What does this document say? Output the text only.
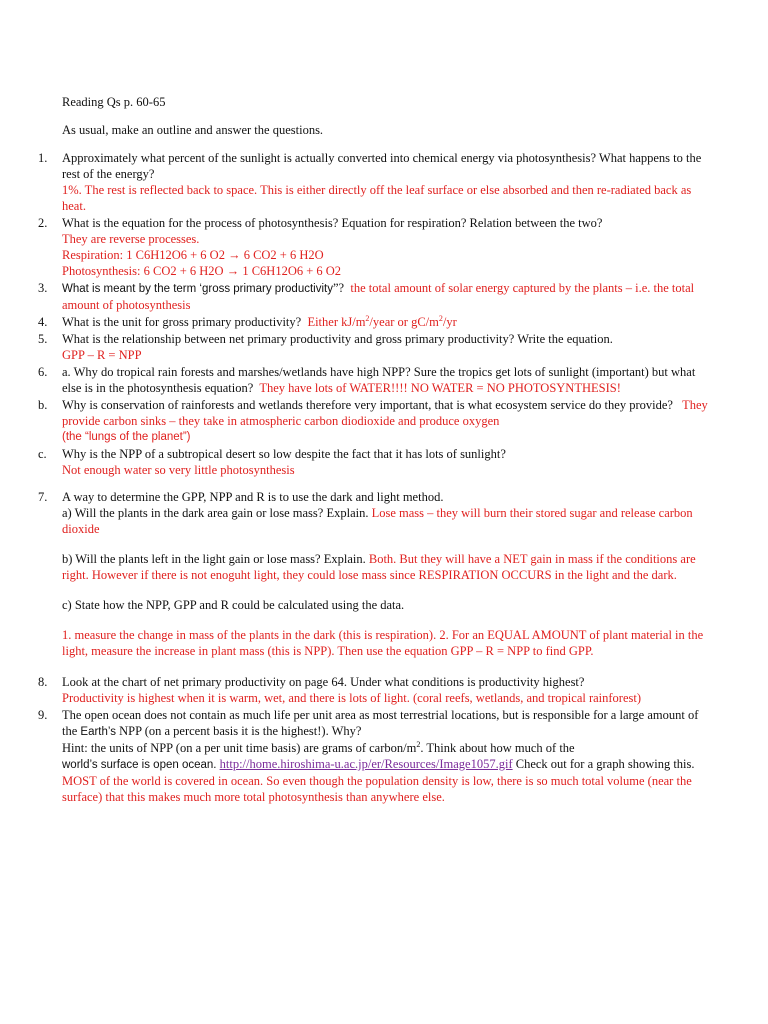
Reading Qs p. 60-65
As usual, make an outline and answer the questions.
1. Approximately what percent of the sunlight is actually converted into chemical energy via photosynthesis? What happens to the rest of the energy?

1%. The rest is reflected back to space. This is either directly off the leaf surface or else absorbed and then re-radiated back as heat.

2. What is the equation for the process of photosynthesis? Equation for respiration? Relation between the two?

They are reverse processes.

Respiration: 1 C6H12O6 + 6 O2 → 6 CO2 + 6 H2O

Photosynthesis: 6 CO2 + 6 H2O → 1 C6H12O6 + 6 O2

3. What is meant by the term ‘gross primary productivity”? the total amount of solar energy captured by the plants – i.e. the total amount of photosynthesis

4. What is the unit for gross primary productivity? Either $kJ/m^2$/year or $gC/m^2/yr$

5. What is the relationship between net primary productivity and gross primary productivity? Write the equation.

GPP – R = NPP

6. a. Why do tropical rain forests and marshes/wetlands have high NPP? Sure the tropics get lots of sunlight (important) but what else is in the photosynthesis equation? They have lots of WATER!!!! NO WATER = NO PHOTOSYNTHESIS!

b. Why is conservation of rainforests and wetlands therefore very important, that is what ecosystem service do they provide? They provide carbon sinks – they take in atmospheric carbon diodioxide and produce oxygen

(the “lungs of the planet”)

c. Why is the NPP of a subtropical desert so low despite the fact that it has lots of sunlight?

Not enough water so very little photosynthesis

7. A way to determine the GPP, NPP and R is to use the dark and light method.

a) Will the plants in the dark area gain or lose mass? Explain. Lose mass – they will burn their stored sugar and release carbon dioxide

b) Will the plants left in the light gain or lose mass? Explain. Both. But they will have a NET gain in mass if the conditions are right. However if there is not enoguht light, they could lose mass since RESPIRATION OCCURS in the light and the dark.

c) State how the NPP, GPP and R could be calculated using the data.

1. measure the change in mass of the plants in the dark (this is respiration). 2. For an EQUAL AMOUNT of plant material in the light, measure the increase in plant mass (this is NPP). Then use the equation GPP – R = NPP to find GPP.

8. Look at the chart of net primary productivity on page 64. Under what conditions is productivity highest?

Productivity is highest when it is warm, wet, and there is lots of light. (coral reefs, wetlands, and tropical rainforest)

9. The open ocean does not contain as much life per unit area as most terrestrial locations, but is responsible for a large amount of the Earth’s NPP (on a percent basis it is the highest!). Why?

Hint: the units of NPP (on a per unit time basis) are grams of carbon/$m^2$. Think about how much of the

world’s surface is open ocean. http://home.hiroshima-u.ac.jp/er/Resources/Image1057.gif Check out for a graph showing this.

MOST of the world is covered in ocean. So even though the population density is low, there is so much total volume (near the surface) that this makes much more total photosynthesis than anywhere else.
